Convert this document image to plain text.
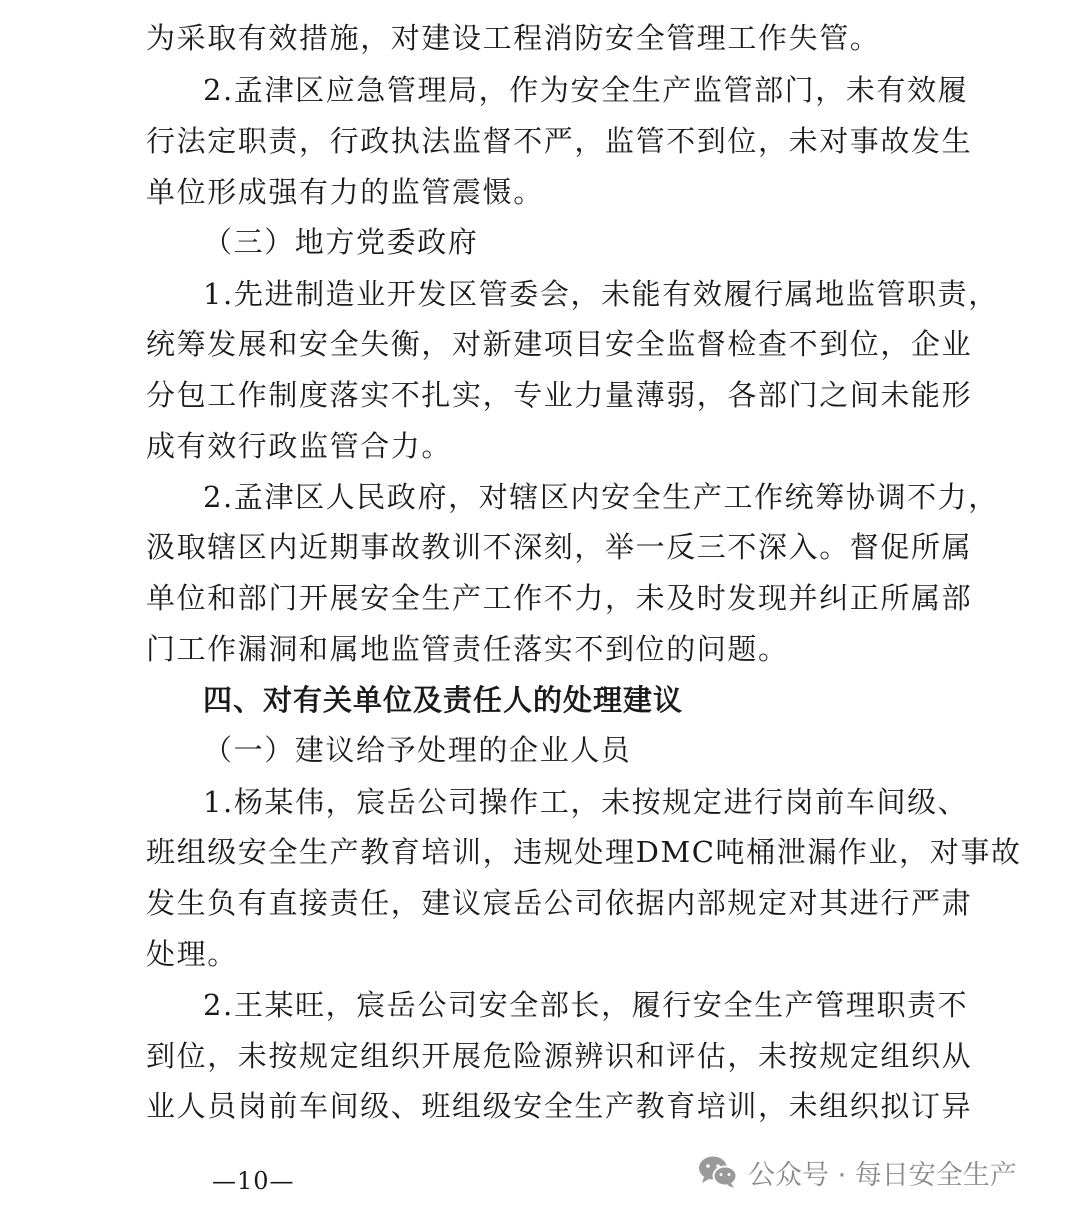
为采取有效措施，对建设工程消防安全管理工作失管。
2.孟津区应急管理局，作为安全生产监管部门，未有效履
行法定职责，行政执法监督不严，监管不到位，未对事故发生
单位形成强有力的监管震慑。
（三）地方党委政府
1.先进制造业开发区管委会，未能有效履行属地监管职责，
统筹发展和安全失衡，对新建项目安全监督检查不到位，企业
分包工作制度落实不扎实，专业力量薄弱，各部门之间未能形
成有效行政监管合力。
2.孟津区人民政府，对辖区内安全生产工作统筹协调不力，
汲取辖区内近期事故教训不深刻，举一反三不深入。督促所属
单位和部门开展安全生产工作不力，未及时发现并纠正所属部
门工作漏洞和属地监管责任落实不到位的问题。
四、对有关单位及责任人的处理建议
（一）建议给予处理的企业人员
1.杨某伟，宸岳公司操作工，未按规定进行岗前车间级、
班组级安全生产教育培训，违规处理DMC吨桶泄漏作业，对事故
发生负有直接责任，建议宸岳公司依据内部规定对其进行严肃
处理。
2.王某旺，宸岳公司安全部长，履行安全生产管理职责不
到位，未按规定组织开展危险源辨识和评估，未按规定组织从
业人员岗前车间级、班组级安全生产教育培训，未组织拟订异
—10—	公众号 · 每日安全生产
